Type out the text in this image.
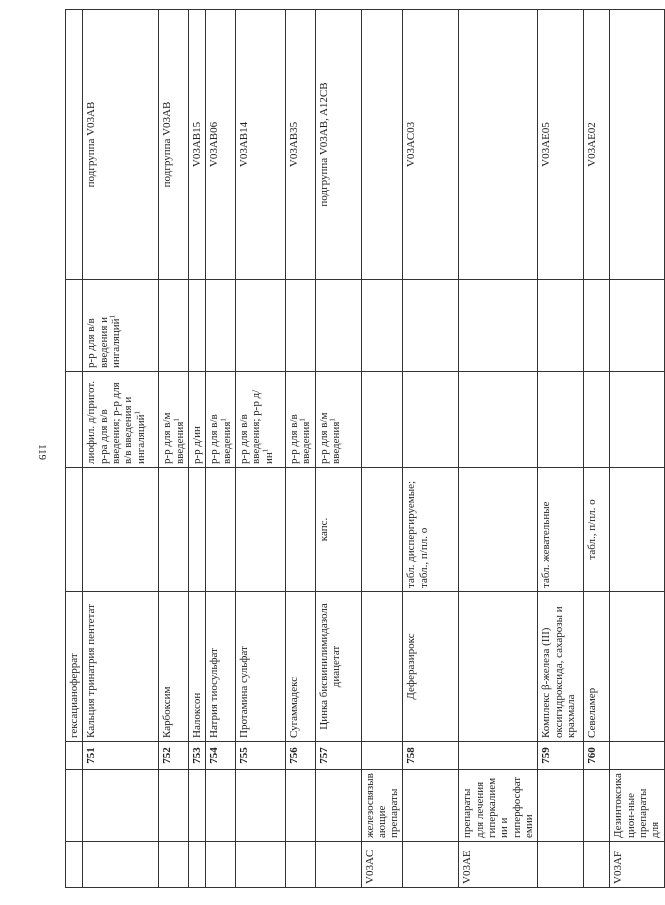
119
			гексацианоферрат				
		751	Кальция тринатрия пентетат		лиофил. д/пригот. р-ра для в/в введения; р-р для в/в введения и ингаляций$^1$	р-р для в/в введения и ингаляций$^1$	подгруппа V03AB
		752	Карбоксим		р-р для в/м введения$^1$		подгруппа V03AB
		753	Налоксон		р-р д/ин		V03AB15
		754	Натрия тиосульфат		р-р для в/в введения$^1$		V03AB06
		755	Протамина сульфат		р-р для в/в введения; р-р $д/ин^1$		V03AB14
		756	Сугаммадекс		р-р для в/в введения$^1$		V03AB35
		757	Цинка бисвинилимидазола диацетат	капс.	р-р для в/м введения$^1$		подгруппа V03AB, A12CB
V03AC	железосвязывающие препараты						
		758	Деферазирокс	табл. диспергируемые; табл., п/пл. о			V03AC03
V03AE	препараты для лечения гиперкалиемии и гиперфосфатемии						
		759	Комплекс β-железа (III) оксигидроксида, сахарозы и крахмала	табл. жевательные			V03AE05
		760	Севеламер	табл., п/пл. о			V03AE02
V03AF	Дезинтоксикацион-ные препараты для						
